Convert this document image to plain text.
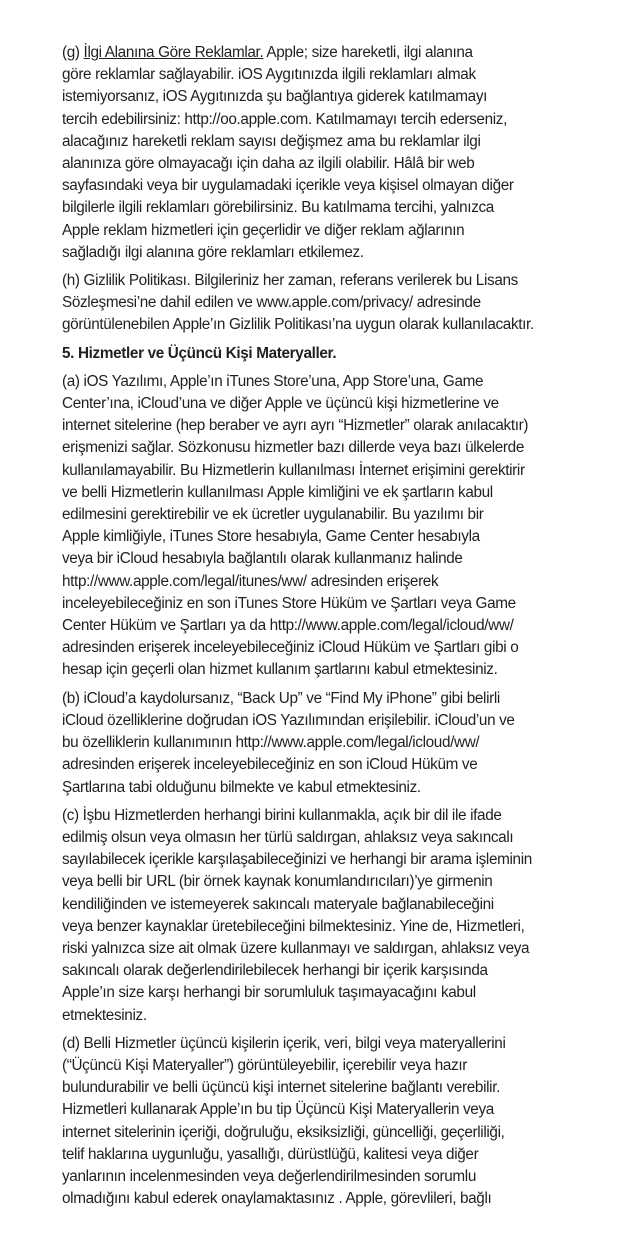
(g) İlgi Alanına Göre Reklamlar. Apple; size hareketli, ilgi alanına
göre reklamlar sağlayabilir. iOS Aygıtınızda ilgili reklamları almak
istemiyorsanız, iOS Aygıtınızda şu bağlantıya giderek katılmamayı
tercih edebilirsiniz: http://oo.apple.com. Katılmamayı tercih ederseniz,
alacağınız hareketli reklam sayısı değişmez ama bu reklamlar ilgi
alanınıza göre olmayacağı için daha az ilgili olabilir. Hâlâ bir web
sayfasındaki veya bir uygulamadaki içerikle veya kişisel olmayan diğer
bilgilerle ilgili reklamları görebilirsiniz. Bu katılmama tercihi, yalnızca
Apple reklam hizmetleri için geçerlidir ve diğer reklam ağlarının
sağladığı ilgi alanına göre reklamları etkilemez.

(h) Gizlilik Politikası. Bilgileriniz her zaman, referans verilerek bu Lisans
Sözleşmesi’ne dahil edilen ve www.apple.com/privacy/ adresinde
görüntülenebilen Apple’ın Gizlilik Politikası’na uygun olarak kullanılacaktır.

5. Hizmetler ve Üçüncü Kişi Materyaller.

(a) iOS Yazılımı, Apple’ın iTunes Store’una, App Store’una, Game
Center’ına, iCloud’una ve diğer Apple ve üçüncü kişi hizmetlerine ve
internet sitelerine (hep beraber ve ayrı ayrı “Hizmetler” olarak anılacaktır)
erişmenizi sağlar. Sözkonusu hizmetler bazı dillerde veya bazı ülkelerde
kullanılamayabilir. Bu Hizmetlerin kullanılması İnternet erişimini gerektirir
ve belli Hizmetlerin kullanılması Apple kimliğini ve ek şartların kabul
edilmesini gerektirebilir ve ek ücretler uygulanabilir. Bu yazılımı bir
Apple kimliğiyle, iTunes Store hesabıyla, Game Center hesabıyla
veya bir iCloud hesabıyla bağlantılı olarak kullanmanız halinde
http://www.apple.com/legal/itunes/ww/ adresinden erişerek
inceleyebileceğiniz en son iTunes Store Hüküm ve Şartları veya Game
Center Hüküm ve Şartları ya da http://www.apple.com/legal/icloud/ww/
adresinden erişerek inceleyebileceğiniz iCloud Hüküm ve Şartları gibi o
hesap için geçerli olan hizmet kullanım şartlarını kabul etmektesiniz.

(b) iCloud’a kaydolursanız, “Back Up” ve “Find My iPhone” gibi belirli
iCloud özelliklerine doğrudan iOS Yazılımından erişilebilir. iCloud’un ve
bu özelliklerin kullanımının http://www.apple.com/legal/icloud/ww/
adresinden erişerek inceleyebileceğiniz en son iCloud Hüküm ve
Şartlarına tabi olduğunu bilmekte ve kabul etmektesiniz.

(c) İşbu Hizmetlerden herhangi birini kullanmakla, açık bir dil ile ifade
edilmiş olsun veya olmasın her türlü saldırgan, ahlaksız veya sakıncalı
sayılabilecek içerikle karşılaşabileceğinizi ve herhangi bir arama işleminin
veya belli bir URL (bir örnek kaynak konumlandırıcıları)’ye girmenin
kendiliğinden ve istemeyerek sakıncalı materyale bağlanabileceğini
veya benzer kaynaklar üretebileceğini bilmektesiniz. Yine de, Hizmetleri,
riski yalnızca size ait olmak üzere kullanmayı ve saldırgan, ahlaksız veya
sakıncalı olarak değerlendirilebilecek herhangi bir içerik karşısında
Apple’ın size karşı herhangi bir sorumluluk taşımayacağını kabul
etmektesiniz.

(d) Belli Hizmetler üçüncü kişilerin içerik, veri, bilgi veya materyallerini
(“Üçüncü Kişi Materyaller”) görüntüleyebilir, içerebilir veya hazır
bulundurabilir ve belli üçüncü kişi internet sitelerine bağlantı verebilir.
Hizmetleri kullanarak Apple’ın bu tip Üçüncü Kişi Materyallerin veya
internet sitelerinin içeriği, doğruluğu, eksiksizliği, güncelliği, geçerliliği,
telif haklarına uygunluğu, yasallığı, dürüstlüğü, kalitesi veya diğer
yanlarının incelenmesinden veya değerlendirilmesinden sorumlu
olmadığını kabul ederek onaylamaktasınız . Apple, görevlileri, bağlı
